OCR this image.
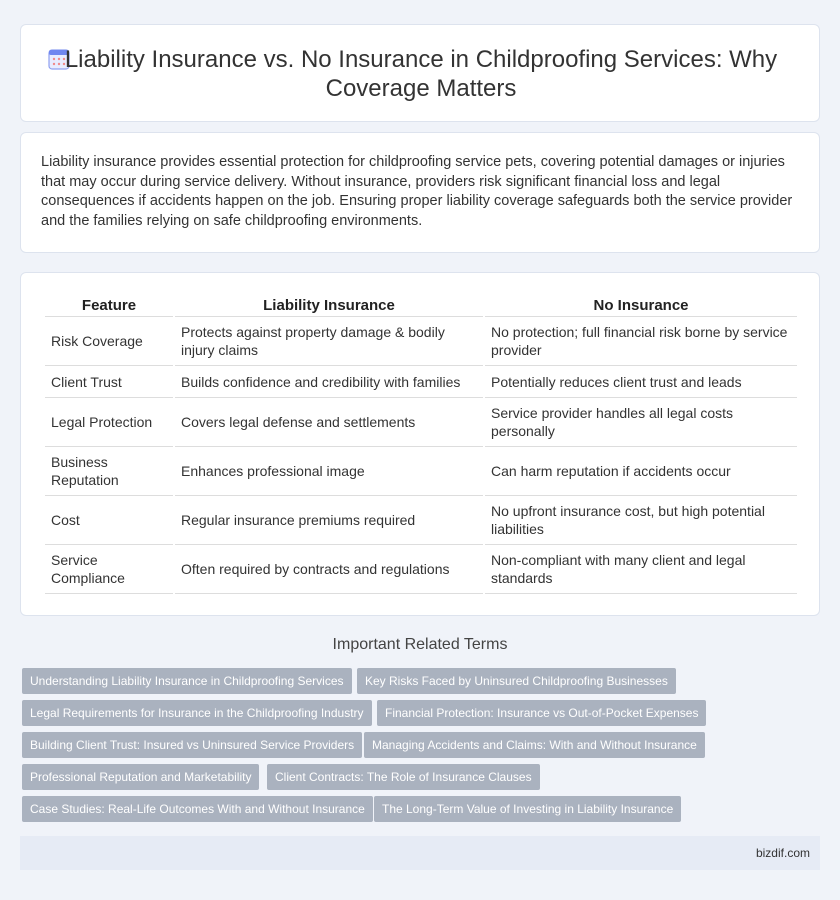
Liability Insurance vs. No Insurance in Childproofing Services: Why Coverage Matters

Liability insurance provides essential protection for childproofing service pets, covering potential damages or injuries that may occur during service delivery. Without insurance, providers risk significant financial loss and legal consequences if accidents happen on the job. Ensuring proper liability coverage safeguards both the service provider and the families relying on safe childproofing environments.

Feature	Liability Insurance	No Insurance
Risk Coverage	Protects against property damage & bodily injury claims	No protection; full financial risk borne by service provider
Client Trust	Builds confidence and credibility with families	Potentially reduces client trust and leads
Legal Protection	Covers legal defense and settlements	Service provider handles all legal costs personally
Business Reputation	Enhances professional image	Can harm reputation if accidents occur
Cost	Regular insurance premiums required	No upfront insurance cost, but high potential liabilities
Service Compliance	Often required by contracts and regulations	Non-compliant with many client and legal standards
Important Related Terms
Understanding Liability Insurance in Childproofing Services	Key Risks Faced by Uninsured Childproofing Businesses
Legal Requirements for Insurance in the Childproofing Industry	Financial Protection: Insurance vs Out-of-Pocket Expenses
Building Client Trust: Insured vs Uninsured Service Providers	Managing Accidents and Claims: With and Without Insurance
Professional Reputation and Marketability	Client Contracts: The Role of Insurance Clauses
Case Studies: Real-Life Outcomes With and Without Insurance	The Long-Term Value of Investing in Liability Insurance
bizdif.com
